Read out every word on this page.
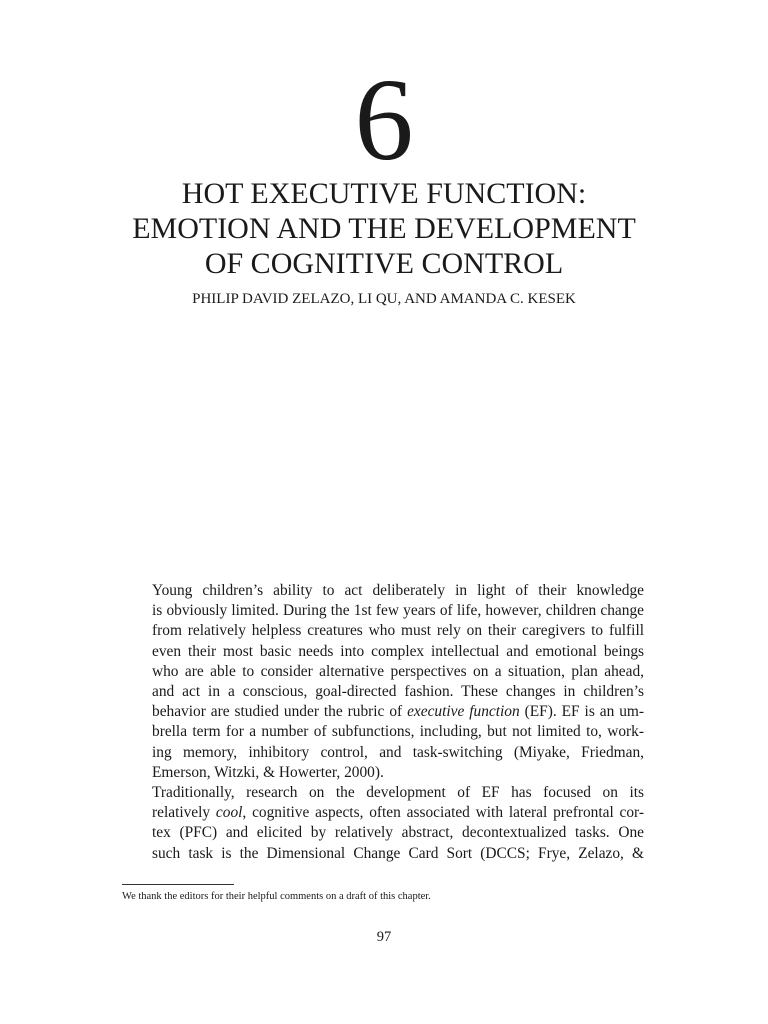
6
HOT EXECUTIVE FUNCTION:
EMOTION AND THE DEVELOPMENT
OF COGNITIVE CONTROL
PHILIP DAVID ZELAZO, LI QU, AND AMANDA C. KESEK

Young children’s ability to act deliberately in light of their knowledge
is obviously limited. During the 1st few years of life, however, children change
from relatively helpless creatures who must rely on their caregivers to fulfill
even their most basic needs into complex intellectual and emotional beings
who are able to consider alternative perspectives on a situation, plan ahead,
and act in a conscious, goal-directed fashion. These changes in children’s
behavior are studied under the rubric of executive function (EF). EF is an um-
brella term for a number of subfunctions, including, but not limited to, work-
ing memory, inhibitory control, and task-switching (Miyake, Friedman,
Emerson, Witzki, & Howerter, 2000).

Traditionally, research on the development of EF has focused on its
relatively cool, cognitive aspects, often associated with lateral prefrontal cor-
tex (PFC) and elicited by relatively abstract, decontextualized tasks. One
such task is the Dimensional Change Card Sort (DCCS; Frye, Zelazo, &

We thank the editors for their helpful comments on a draft of this chapter.
97
